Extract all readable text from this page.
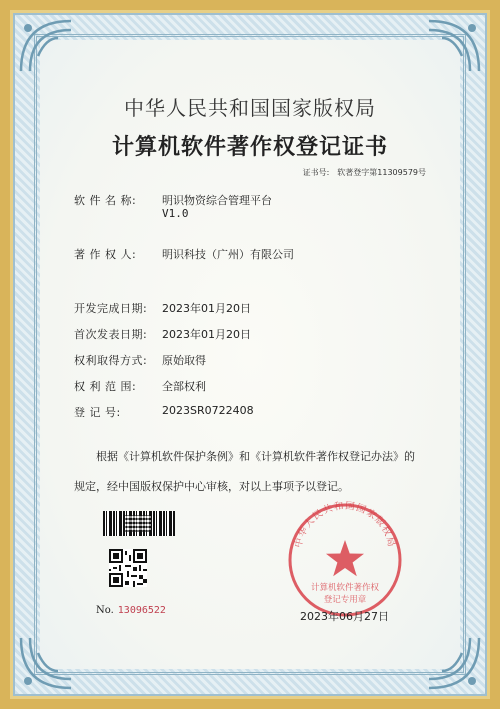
中华人民共和国国家版权局
计算机软件著作权登记证书
证书号: 软著登字第11309579号
软 件 名 称: 明识物资综合管理平台
V1.0
著 作 权 人: 明识科技（广州）有限公司
开发完成日期: 2023年01月20日
首次发表日期: 2023年01月20日
权利取得方式: 原始取得
权 利 范 围: 全部权利
登 记 号:	2023SR0722408
根据《计算机软件保护条例》和《计算机软件著作权登记办法》的
规定，经中国版权保护中心审核，对以上事项予以登记。
No. 13096522
中华人民共和国国家版权局
计算机软件著作权
登记专用章
2023年06月27日
